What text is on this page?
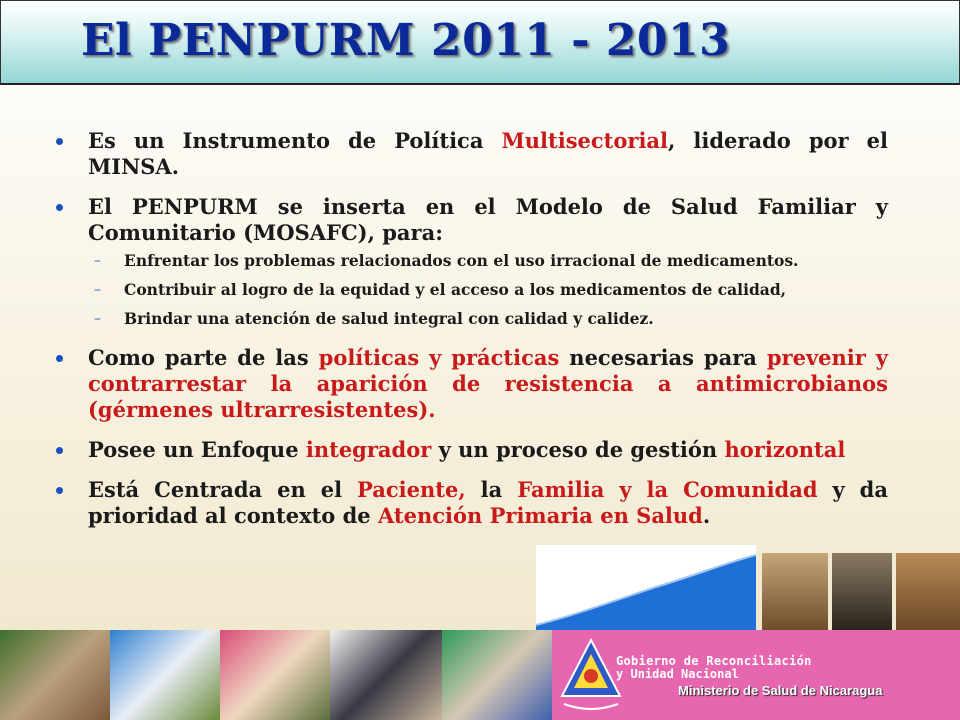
El PENPURM 2011 - 2013
Es un Instrumento de Política Multisectorial, liderado por el MINSA.
El PENPURM se inserta en el Modelo de Salud Familiar y Comunitario (MOSAFC), para:
– Enfrentar los problemas relacionados con el uso irracional de medicamentos.
– Contribuir al logro de la equidad y el acceso a los medicamentos de calidad,
– Brindar una atención de salud integral con calidad y calidez.
Como parte de las políticas y prácticas necesarias para prevenir y contrarrestar la aparición de resistencia a antimicrobianos (gérmenes ultrarresistentes).
Posee un Enfoque integrador y un proceso de gestión horizontal
Está Centrada en el Paciente, la Familia y la Comunidad y da prioridad al contexto de Atención Primaria en Salud.
Gobierno de Reconciliación
y Unidad Nacional
Ministerio de Salud de Nicaragua
